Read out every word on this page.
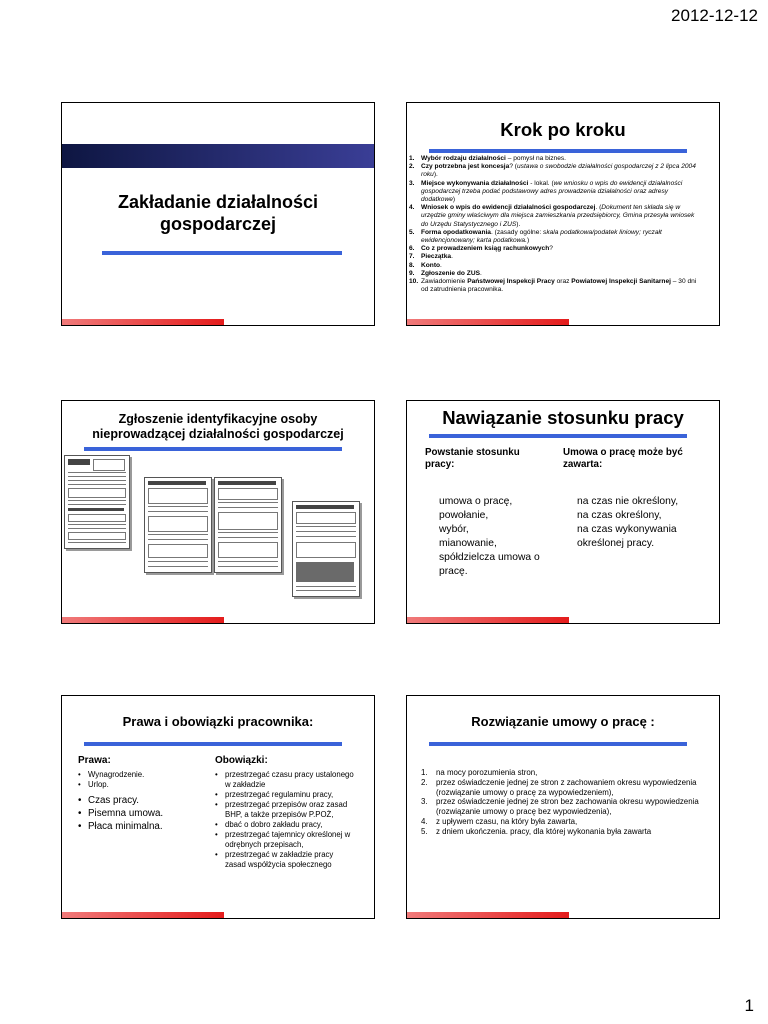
2012-12-12
Zakładanie działalności
gospodarczej
Krok po kroku
1. Wybór rodzaju działalności – pomysł na biznes.
2. Czy potrzebna jest koncesja? (ustawa o swobodzie działalności gospodarczej z 2 lipca 2004 roku).
3. Miejsce wykonywania działalności - lokal. (we wniosku o wpis do ewidencji działalności gospodarczej trzeba podać podstawowy adres prowadzenia działalności oraz adresy dodatkowe)
4. Wniosek o wpis do ewidencji działalności gospodarczej. (Dokument ten składa się w urzędzie gminy właściwym dla miejsca zamieszkania przedsiębiorcy, Gmina przesyła wniosek do Urzędu Statystycznego i ZUS).
5. Forma opodatkowania. (zasady ogólne: skala podatkowa/podatek liniowy; ryczałt ewidencjonowany; karta podatkowa.)
6. Co z prowadzeniem ksiąg rachunkowych?
7. Pieczątka.
8. Konto.
9. Zgłoszenie do ZUS.
10. Zawiadomienie Państwowej Inspekcji Pracy oraz Powiatowej Inspekcji Sanitarnej – 30 dni od zatrudnienia pracownika.
Zgłoszenie identyfikacyjne osoby
nieprowadzącej działalności gospodarczej
Nawiązanie stosunku pracy
Powstanie stosunku pracy:
Umowa o pracę może być zawarta:
umowa o pracę,
powołanie,
wybór,
mianowanie,
spółdzielcza umowa o pracę.
na czas nie określony,
na czas określony,
na czas wykonywania określonej pracy.
Prawa i obowiązki pracownika:
Prawa:	Obowiązki:
• Wynagrodzenie.
• Urlop.
• Czas pracy.
• Pisemna umowa.
• Płaca minimalna.
• przestrzegać czasu pracy ustalonego w zakładzie
• przestrzegać regulaminu pracy,
• przestrzegać przepisów oraz zasad BHP, a także przepisów P.POŻ,
• dbać o dobro zakładu pracy,
• przestrzegać tajemnicy określonej w odrębnych przepisach,
• przestrzegać w zakładzie pracy zasad współżycia społecznego
Rozwiązanie umowy o pracę :
1. na mocy porozumienia stron,
2. przez oświadczenie jednej ze stron z zachowaniem okresu wypowiedzenia (rozwiązanie umowy o pracę za wypowiedzeniem),
3. przez oświadczenie jednej ze stron bez zachowania okresu wypowiedzenia (rozwiązanie umowy o pracę bez wypowiedzenia),
4. z upływem czasu, na który była zawarta,
5. z dniem ukończenia. pracy, dla której wykonania była zawarta
1
